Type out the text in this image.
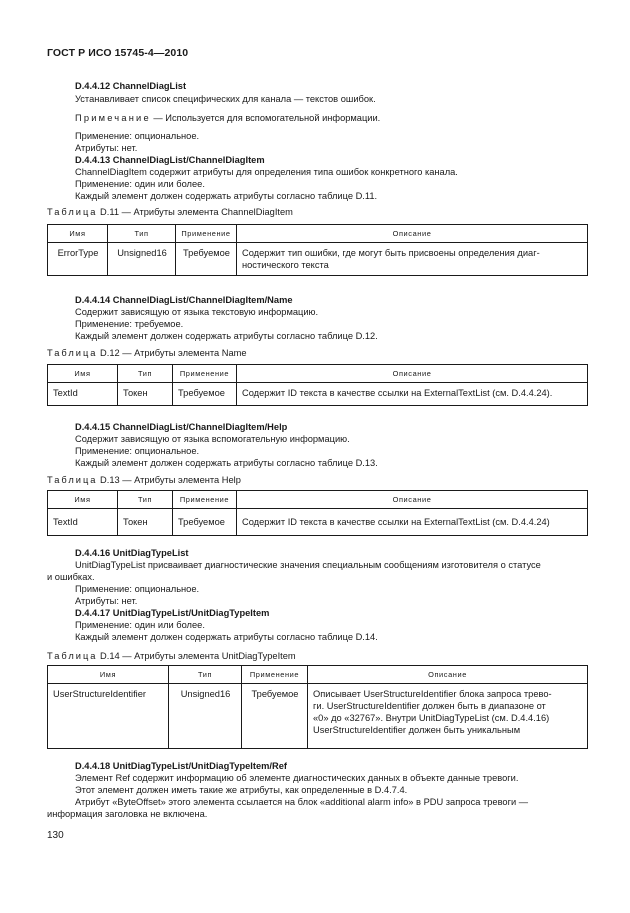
ГОСТ Р ИСО 15745-4—2010
D.4.4.12 ChannelDiagList
Устанавливает список специфических для канала — текстов ошибок.
Примечание — Используется для вспомогательной информации.
Применение: опциональное.
Атрибуты: нет.
D.4.4.13 ChannelDiagList/ChannelDiagItem
ChannelDiagItem содержит атрибуты для определения типа ошибок конкретного канала.
Применение: один или более.
Каждый элемент должен содержать атрибуты согласно таблице D.11.
Таблица D.11 — Атрибуты элемента ChannelDiagItem
Имя	Тип	Применение	Описание
ErrorType	Unsigned16	Требуемое	Содержит тип ошибки, где могут быть присвоены определения диаг-
ностического текста
D.4.4.14 ChannelDiagList/ChannelDiagItem/Name
Содержит зависящую от языка текстовую информацию.
Применение: требуемое.
Каждый элемент должен содержать атрибуты согласно таблице D.12.
Таблица D.12 — Атрибуты элемента Name
Имя	Тип	Применение	Описание
TextId	Токен	Требуемое	Содержит ID текста в качестве ссылки на ExternalTextList (см. D.4.4.24).
D.4.4.15 ChannelDiagList/ChannelDiagItem/Help
Содержит зависящую от языка вспомогательную информацию.
Применение: опциональное.
Каждый элемент должен содержать атрибуты согласно таблице D.13.
Таблица D.13 — Атрибуты элемента Help
Имя	Тип	Применение	Описание
TextId	Токен	Требуемое	Содержит ID текста в качестве ссылки на ExternalTextList (см. D.4.4.24)
D.4.4.16 UnitDiagTypeList
UnitDiagTypeList присваивает диагностические значения специальным сообщениям изготовителя о статусе
и ошибках.
Применение: опциональное.
Атрибуты: нет.
D.4.4.17 UnitDiagTypeList/UnitDiagTypeItem
Применение: один или более.
Каждый элемент должен содержать атрибуты согласно таблице D.14.
Таблица D.14 — Атрибуты элемента UnitDiagTypeItem
Имя	Тип	Применение	Описание
UserStructureIdentifier	Unsigned16	Требуемое	Описывает UserStructureIdentifier блока запроса трево-
ги. UserStructureIdentifier должен быть в диапазоне от
«0» до «32767». Внутри UnitDiagTypeList (см. D.4.4.16)
UserStructureIdentifier должен быть уникальным
D.4.4.18 UnitDiagTypeList/UnitDiagTypeItem/Ref
Элемент Ref содержит информацию об элементе диагностических данных в объекте данные тревоги.
Этот элемент должен иметь такие же атрибуты, как определенные в D.4.7.4.
Атрибут «ByteOffset» этого элемента ссылается на блок «additional alarm info» в PDU запроса тревоги —
информация заголовка не включена.
130
